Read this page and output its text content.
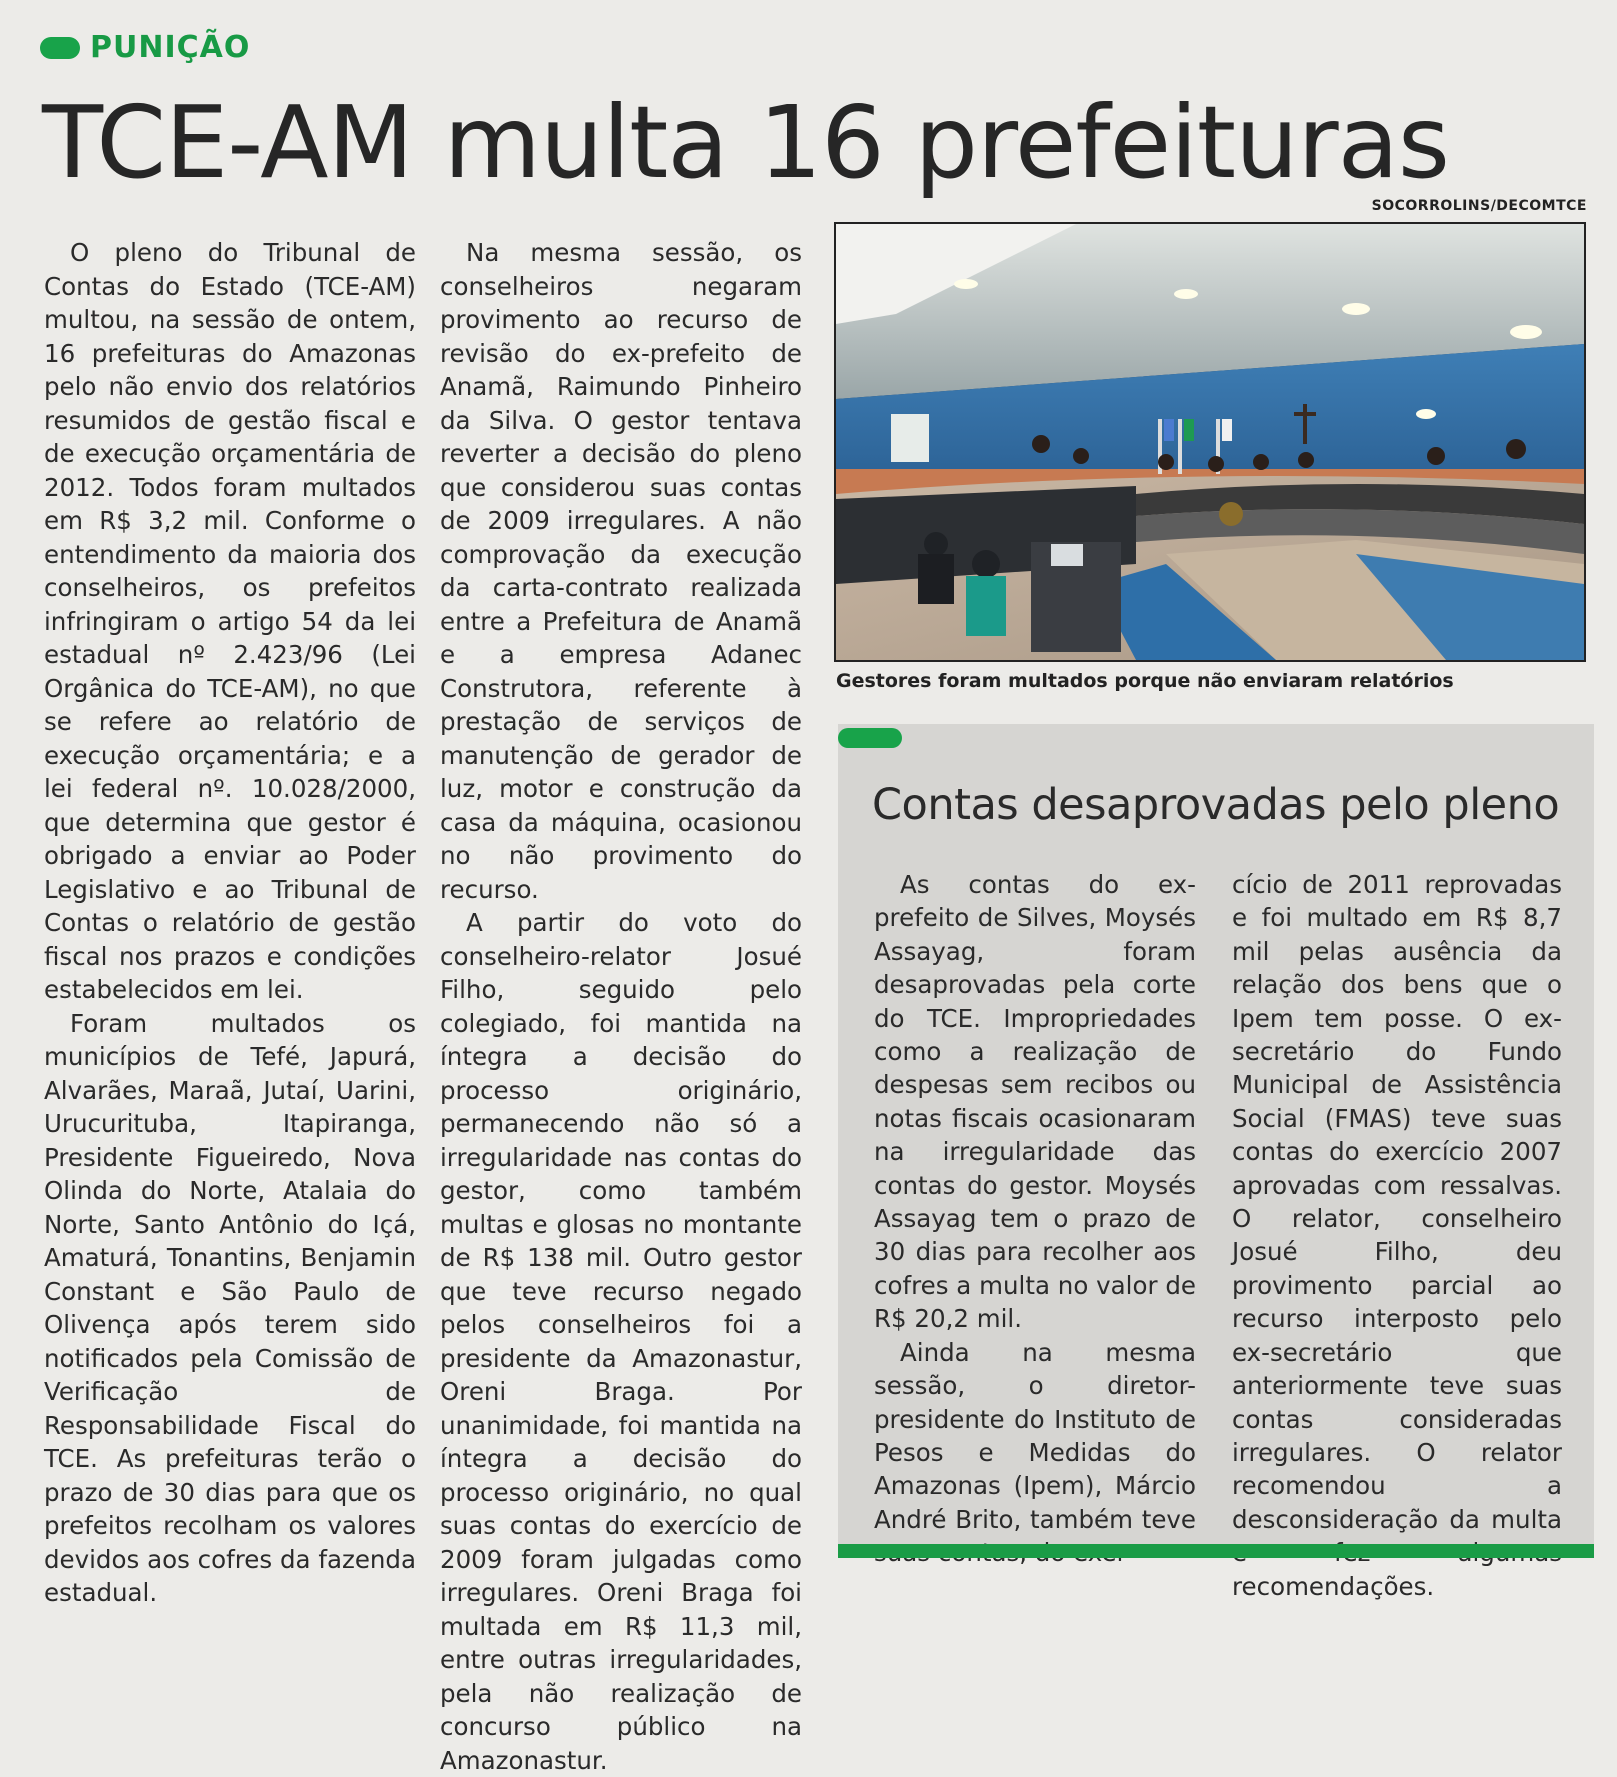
PUNIÇÃO
TCE-AM multa 16 prefeituras
SOCORROLINS/DECOMTCE

O pleno do Tribunal de Contas do Estado (TCE-AM) multou, na sessão de ontem, 16 prefeituras do Amazonas pelo não envio dos relatórios resumidos de gestão fiscal e de execução orçamentária de 2012. Todos foram multados em R$ 3,2 mil. Conforme o entendimento da maioria dos conselheiros, os prefeitos infringiram o artigo 54 da lei estadual nº 2.423/96 (Lei Orgânica do TCE-AM), no que se refere ao relatório de execução orçamentária; e a lei federal nº. 10.028/2000, que determina que gestor é obrigado a enviar ao Poder Legislativo e ao Tribunal de Contas o relatório de gestão fiscal nos prazos e condições estabelecidos em lei.

Foram multados os municípios de Tefé, Japurá, Alvarães, Maraã, Jutaí, Uarini, Urucurituba, Itapiranga, Presidente Figueiredo, Nova Olinda do Norte, Atalaia do Norte, Santo Antônio do Içá, Amaturá, Tonantins, Benjamin Constant e São Paulo de Olivença após terem sido notificados pela Comissão de Verificação de Responsabilidade Fiscal do TCE. As prefeituras terão o prazo de 30 dias para que os prefeitos recolham os valores devidos aos cofres da fazenda estadual.

Na mesma sessão, os conselheiros negaram provimento ao recurso de revisão do ex-prefeito de Anamã, Raimundo Pinheiro da Silva. O gestor tentava reverter a decisão do pleno que considerou suas contas de 2009 irregulares. A não comprovação da execução da carta-contrato realizada entre a Prefeitura de Anamã e a empresa Adanec Construtora, referente à prestação de serviços de manutenção de gerador de luz, motor e construção da casa da máquina, ocasionou no não provimento do recurso.

A partir do voto do conselheiro-relator Josué Filho, seguido pelo colegiado, foi mantida na íntegra a decisão do processo originário, permanecendo não só a irregularidade nas contas do gestor, como também multas e glosas no montante de R$ 138 mil. Outro gestor que teve recurso negado pelos conselheiros foi a presidente da Amazonastur, Oreni Braga. Por unanimidade, foi mantida na íntegra a decisão do processo originário, no qual suas contas do exercício de 2009 foram julgadas como irregulares. Oreni Braga foi multada em R$ 11,3 mil, entre outras irregularidades, pela não realização de concurso público na Amazonastur.

Gestores foram multados porque não enviaram relatórios
Contas desaprovadas pelo pleno

As contas do ex-prefeito de Silves, Moysés Assayag, foram desaprovadas pela corte do TCE. Impropriedades como a realização de despesas sem recibos ou notas fiscais ocasionaram na irregularidade das contas do gestor. Moysés Assayag tem o prazo de 30 dias para recolher aos cofres a multa no valor de R$ 20,2 mil.

Ainda na mesma sessão, o diretor-presidente do Instituto de Pesos e Medidas do Amazonas (Ipem), Márcio André Brito, também teve

cício de 2011 reprovadas e foi multado em R$ 8,7 mil pelas ausência da relação dos bens que o Ipem tem posse. O ex-secretário do Fundo Municipal de Assistência Social (FMAS) teve suas contas do exercício 2007 aprovadas com ressalvas. O relator, conselheiro Josué Filho, deu provimento parcial ao recurso interposto pelo ex-secretário que anteriormente teve suas contas consideradas irregulares. O relator recomendou a desconsideração da multa recomendações.
